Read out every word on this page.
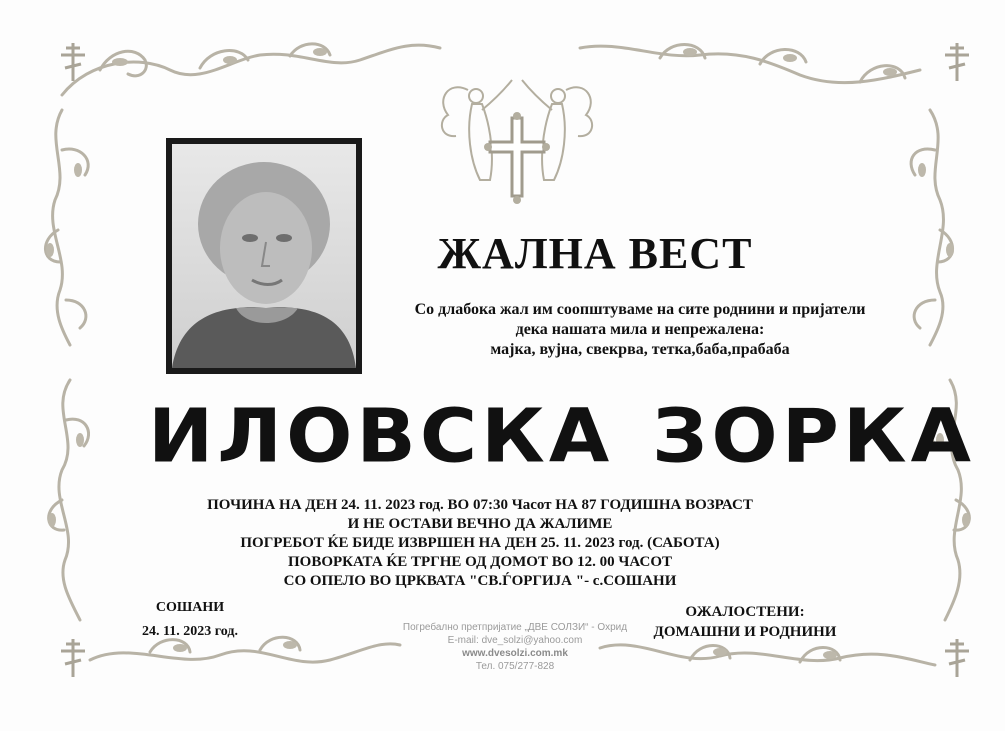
ЖАЛНА ВЕСТ
Со длабока жал им соопштуваме на сите роднини и пријатели
дека нашата мила и непрежалена:
мајка, вујна, свекрва, тетка,баба,прабаба
ИЛОВСКА ЗОРКА
ПОЧИНА НА ДЕН 24. 11. 2023 год. ВО 07:30 Часот НА 87 ГОДИШНА ВОЗРАСТ
И НЕ ОСТАВИ ВЕЧНО ДА ЖАЛИМЕ
ПОГРЕБОТ ЌЕ БИДЕ ИЗВРШЕН НА ДЕН 25. 11. 2023 год. (САБОТА)
ПОВОРКАТА ЌЕ ТРГНЕ ОД ДОМОТ ВО 12. 00 ЧАСОТ
СО ОПЕЛО ВО ЦРКВАТА "СВ.ЃОРГИЈА "- с.СОШАНИ
СОШАНИ
24. 11. 2023 год.
ОЖАЛОСТЕНИ:
ДОМАШНИ И РОДНИНИ
Погребално претпријатие „ДВЕ СОЛЗИ“ - Охрид
E-mail: dve_solzi@yahoo.com
www.dvesolzi.com.mk
Тел. 075/277-828
